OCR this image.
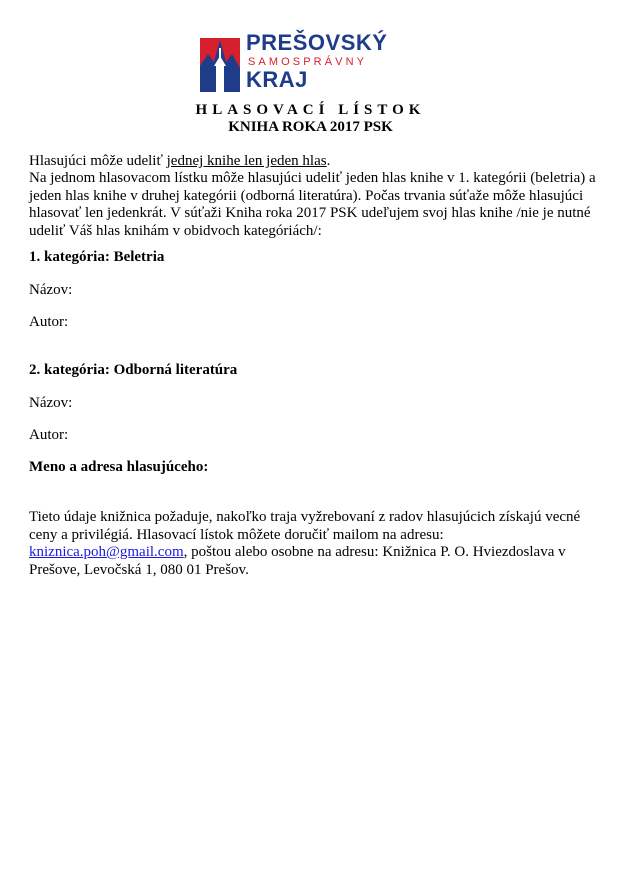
PREŠOVSKÝ
SAMOSPRÁVNY
KRAJ
HLASOVACÍ LÍSTOK
KNIHA ROKA 2017 PSK
Hlasujúci môže udeliť jednej knihe len jeden hlas.
Na jednom hlasovacom lístku môže hlasujúci udeliť jeden hlas knihe v 1. kategórii (beletria) a jeden hlas knihe v druhej kategórii (odborná literatúra). Počas trvania súťaže môže hlasujúci hlasovať len jedenkrát. V súťaži Kniha roka 2017 PSK udeľujem svoj hlas knihe /nie je nutné udeliť Váš hlas knihám v obidvoch kategóriách/:
1. kategória: Beletria
Názov:
Autor:
2. kategória: Odborná literatúra
Názov:
Autor:
Meno a adresa hlasujúceho:
Tieto údaje knižnica požaduje, nakoľko traja vyžrebovaní z radov hlasujúcich získajú vecné ceny a privilégiá. Hlasovací lístok môžete doručiť mailom na adresu: kniznica.poh@gmail.com, poštou alebo osobne na adresu: Knižnica P. O. Hviezdoslava v Prešove, Levočská 1, 080 01 Prešov.
